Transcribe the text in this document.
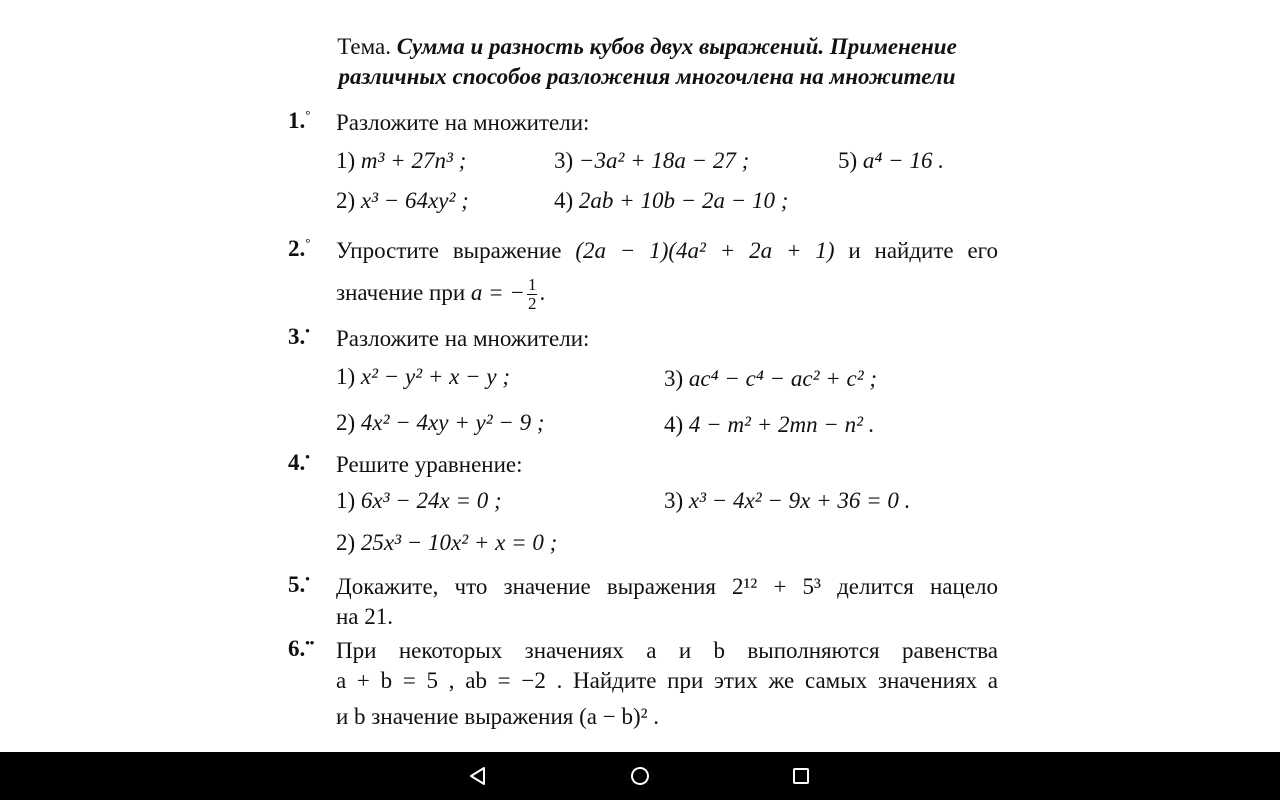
Тема. Сумма и разность кубов двух выражений. Применение
различных способов разложения многочлена на множители
1.° Разложите на множители:
1) m³ + 27n³ ;	3) −3a² + 18a − 27 ;	5) a⁴ − 16 .
2) x³ − 64xy² ;	4) 2ab + 10b − 2a − 10 ;
2.° Упростите выражение (2a − 1)(4a² + 2a + 1) и найдите его
значение при a = − $\frac{1}{2}$ .
3.• Разложите на множители:
1) x² − y² + x − y ;	3) ac⁴ − c⁴ − ac² + c² ;
2) 4x² − 4xy + y² − 9 ;	4) 4 − m² + 2mn − n² .
4.• Решите уравнение:
1) 6x³ − 24x = 0 ;	3) x³ − 4x² − 9x + 36 = 0 .
2) 25x³ − 10x² + x = 0 ;
5.• Докажите, что значение выражения 2¹² + 5³ делится нацело
на 21.
6.•• При некоторых значениях a и b выполняются равенства
a + b = 5 , ab = −2 . Найдите при этих же самых значениях a
и b значение выражения (a − b)² .
